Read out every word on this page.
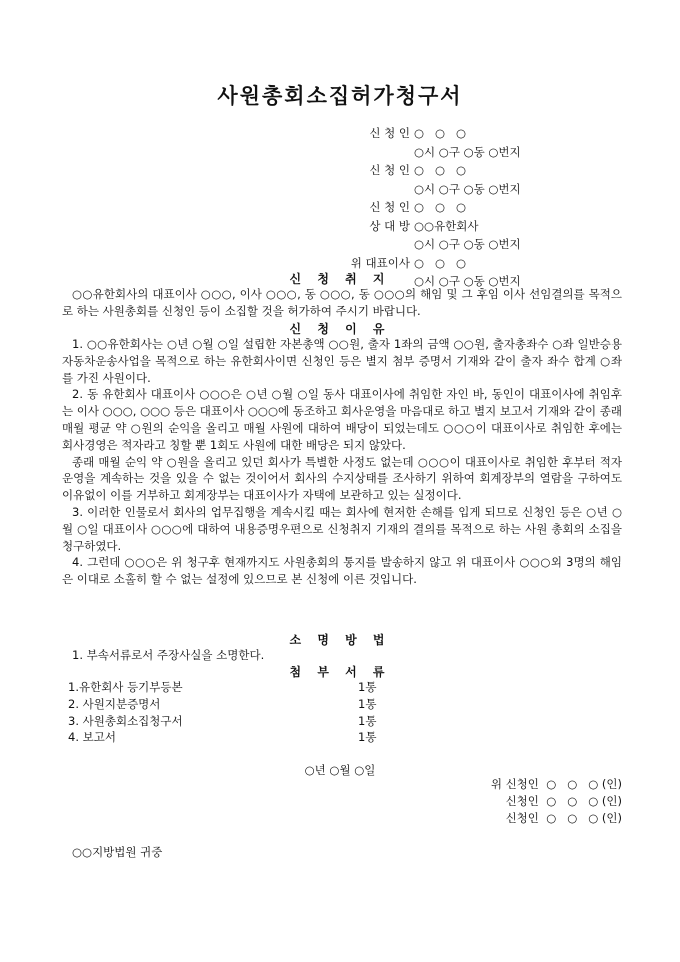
사원총회소집허가청구서
신 청 인 ○   ○   ○
○시 ○구 ○동 ○번지
신 청 인 ○   ○   ○
○시 ○구 ○동 ○번지
신 청 인 ○   ○   ○
상 대 방 ○○유한회사
○시 ○구 ○동 ○번지
위 대표이사 ○   ○   ○
○시 ○구 ○동 ○번지
신 청 취 지

○○유한회사의 대표이사 ○○○, 이사 ○○○, 동 ○○○, 동 ○○○의 해임 및 그 후임 이사 선임결의를 목적으로 하는 사원총회를 신청인 등이 소집할 것을 허가하여 주시기 바랍니다.

신 청 이 유

1. ○○유한회사는 ○년 ○월 ○일 설립한 자본총액 ○○원, 출자 1좌의 금액 ○○원, 출자총좌수 ○좌 일반승용자동차운송사업을 목적으로 하는 유한회사이면 신청인 등은 별지 첨부 증명서 기재와 같이 출자 좌수 합계 ○좌를 가진 사원이다.

2. 동 유한회사 대표이사 ○○○은 ○년 ○월 ○일 동사 대표이사에 취임한 자인 바, 동인이 대표이사에 취임후는 이사 ○○○, ○○○ 등은 대표이사 ○○○에 동조하고 회사운영을 마음대로 하고 별지 보고서 기재와 같이 종래 매월 평균 약 ○원의 순익을 올리고 매월 사원에 대하여 배당이 되었는데도 ○○○이 대표이사로 취임한 후에는 회사경영은 적자라고 칭할 뿐 1회도 사원에 대한 배당은 되지 않았다.

종래 매월 순익 약 ○원을 올리고 있던 회사가 특별한 사정도 없는데 ○○○이 대표이사로 취임한 후부터 적자운영을 계속하는 것을 있을 수 없는 것이어서 회사의 수지상태를 조사하기 위하여 회계장부의 열람을 구하여도 이유없이 이를 거부하고 회계장부는 대표이사가 자택에 보관하고 있는 실정이다.

3. 이러한 인물로서 회사의 업무집행을 계속시킬 때는 회사에 현저한 손해를 입게 되므로 신청인 등은 ○년 ○월 ○일 대표이사 ○○○에 대하여 내용증명우편으로 신청취지 기재의 결의를 목적으로 하는 사원 총회의 소집을 청구하였다.

4. 그런데 ○○○은 위 청구후 현재까지도 사원총회의 통지를 발송하지 않고 위 대표이사 ○○○외 3명의 해임은 이대로 소홀히 할 수 없는 설정에 있으므로 본 신청에 이른 것입니다.

소 명 방 법

1. 부속서류로서 주장사실을 소명한다.

첨 부 서 류
1.유한회사 등기부등본	1통
2. 사원지분증명서	1통
3. 사원총회소집청구서	1통
4. 보고서	1통
○년 ○월 ○일
위 신청인  ○   ○   ○ (인)
신청인  ○   ○   ○ (인)
신청인  ○   ○   ○ (인)
○○지방법원 귀중
